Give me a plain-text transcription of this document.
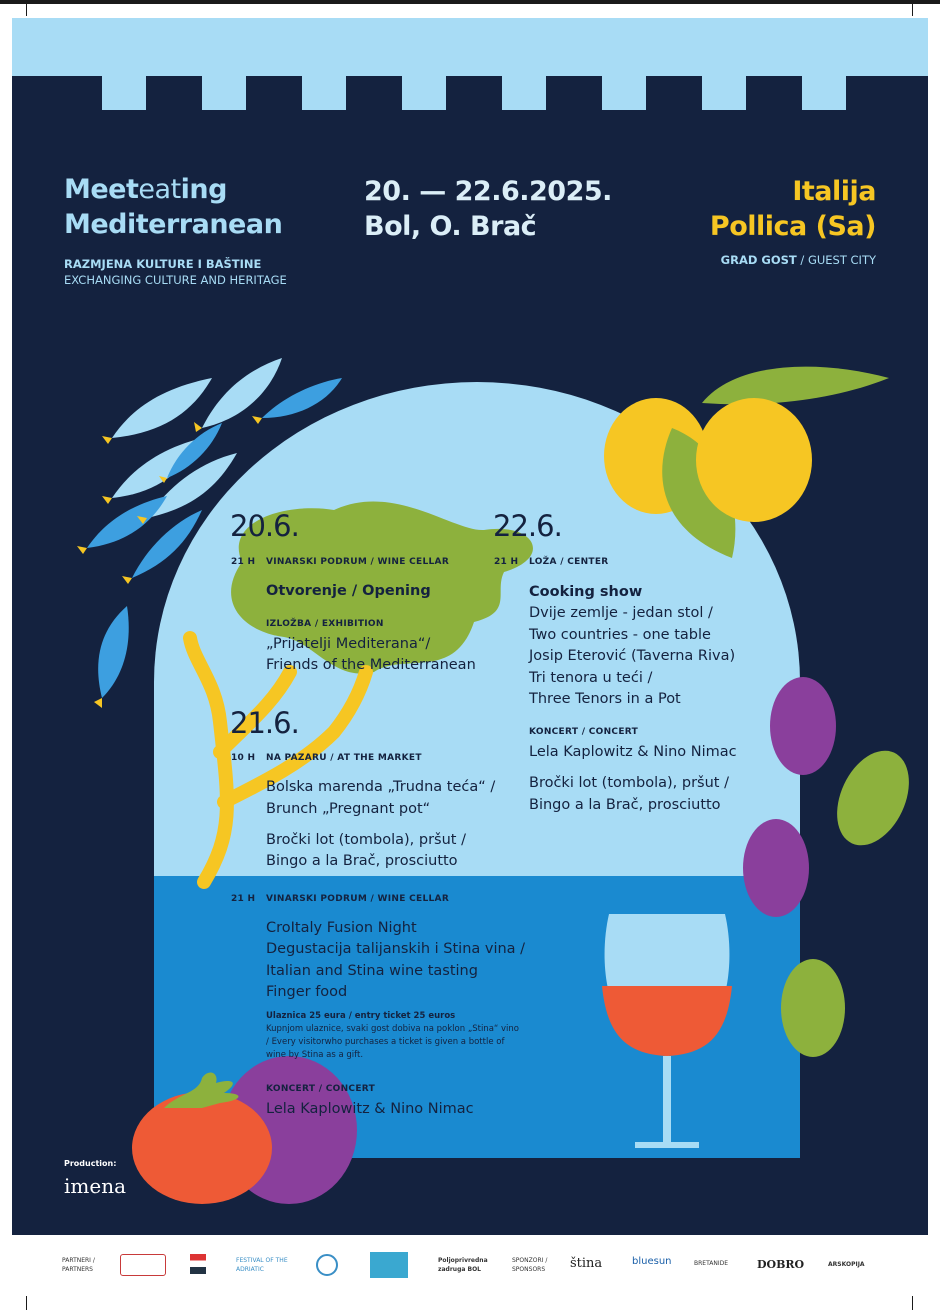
Meeteating
Mediterranean

RAZMJENA KULTURE I BAŠTINE

EXCHANGING CULTURE AND HERITAGE

20. — 22.6.2025.

Bol, O. Brač

Italija

Pollica (Sa)

GRAD GOST / GUEST CITY

20.6.

21 H VINARSKI PODRUM / WINE CELLAR

Otvorenje / Opening

IZLOŽBA / EXHIBITION

„Prijatelji Mediterana“/

Friends of the Mediterranean

21.6.

10 H NA PAZARU / AT THE MARKET

Bolska marenda „Trudna teća“ /

Brunch „Pregnant pot“

Bročki lot (tombola), pršut /

Bingo a la Brač, prosciutto

21 H VINARSKI PODRUM / WINE CELLAR

CroItaly Fusion Night

Degustacija talijanskih i Stina vina /

Italian and Stina wine tasting

Finger food

Ulaznica 25 eura / entry ticket 25 euros
Kupnjom ulaznice, svaki gost dobiva na poklon „Stina“ vino / Every visitorwho purchases a ticket is given a bottle of wine by Stina as a gift.

KONCERT / CONCERT

Lela Kaplowitz & Nino Nimac

22.6.

21 H LOŽA / CENTER

Cooking show

Dvije zemlje - jedan stol /

Two countries - one table

Josip Eterović (Taverna Riva)

Tri tenora u teći /

Three Tenors in a Pot

KONCERT / CONCERT

Lela Kaplowitz & Nino Nimac

Bročki lot (tombola), pršut /

Bingo a la Brač, prosciutto

Production:

imena

PARTNERI / PARTNERS
FESTIVAL OF THE ADRIATIC
Poljoprivredna zadruga BOL
SPONZORI / SPONSORS	ština	bluesun	BRETANIDE	DOBRO	ARSKOPIJA
